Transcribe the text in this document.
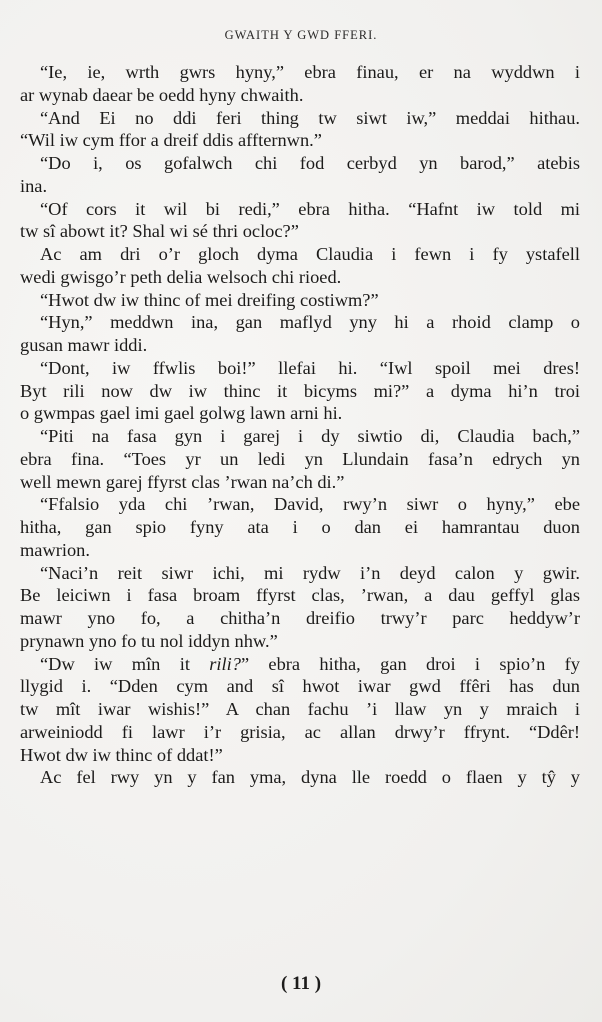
GWAITH Y GWD FFERI.
“Ie, ie, wrth gwrs hyny,” ebra finau, er na wyddwn i
ar wynab daear be oedd hyny chwaith.
“And Ei no ddi feri thing tw siwt iw,” meddai hithau.
“Wil iw cym ffor a dreif ddis affternwn.”
“Do i, os gofalwch chi fod cerbyd yn barod,” atebis
ina.
“Of cors it wil bi redi,” ebra hitha. “Hafnt iw told mi
tw sî abowt it? Shal wi sé thri ocloc?”
Ac am dri o’r gloch dyma Claudia i fewn i fy ystafell
wedi gwisgo’r peth delia welsoch chi rioed.
“Hwot dw iw thinc of mei dreifing costiwm?”
“Hyn,” meddwn ina, gan maflyd yny hi a rhoid clamp o
gusan mawr iddi.
“Dont, iw ffwlis boi!” llefai hi. “Iwl spoil mei dres!
Byt rili now dw iw thinc it bicyms mi?” a dyma hi’n troi
o gwmpas gael imi gael golwg lawn arni hi.
“Piti na fasa gyn i garej i dy siwtio di, Claudia bach,”
ebra fina. “Toes yr un ledi yn Llundain fasa’n edrych yn
well mewn garej ffyrst clas ’rwan na’ch di.”
“Ffalsio yda chi ’rwan, David, rwy’n siwr o hyny,” ebe
hitha, gan spio fyny ata i o dan ei hamrantau duon
mawrion.
“Naci’n reit siwr ichi, mi rydw i’n deyd calon y gwir.
Be leiciwn i fasa broam ffyrst clas, ’rwan, a dau geffyl glas
mawr yno fo, a chitha’n dreifio trwy’r parc heddyw’r
prynawn yno fo tu nol iddyn nhw.”
“Dw iw mîn it rili?” ebra hitha, gan droi i spio’n fy
llygid i. “Dden cym and sî hwot iwar gwd ffêri has dun
tw mît iwar wishis!” A chan fachu ’i llaw yn y mraich i
arweiniodd fi lawr i’r grisia, ac allan drwy’r ffrynt. “Ddêr!
Hwot dw iw thinc of ddat!”
Ac fel rwy yn y fan yma, dyna lle roedd o flaen y tŷ y
( 11 )
